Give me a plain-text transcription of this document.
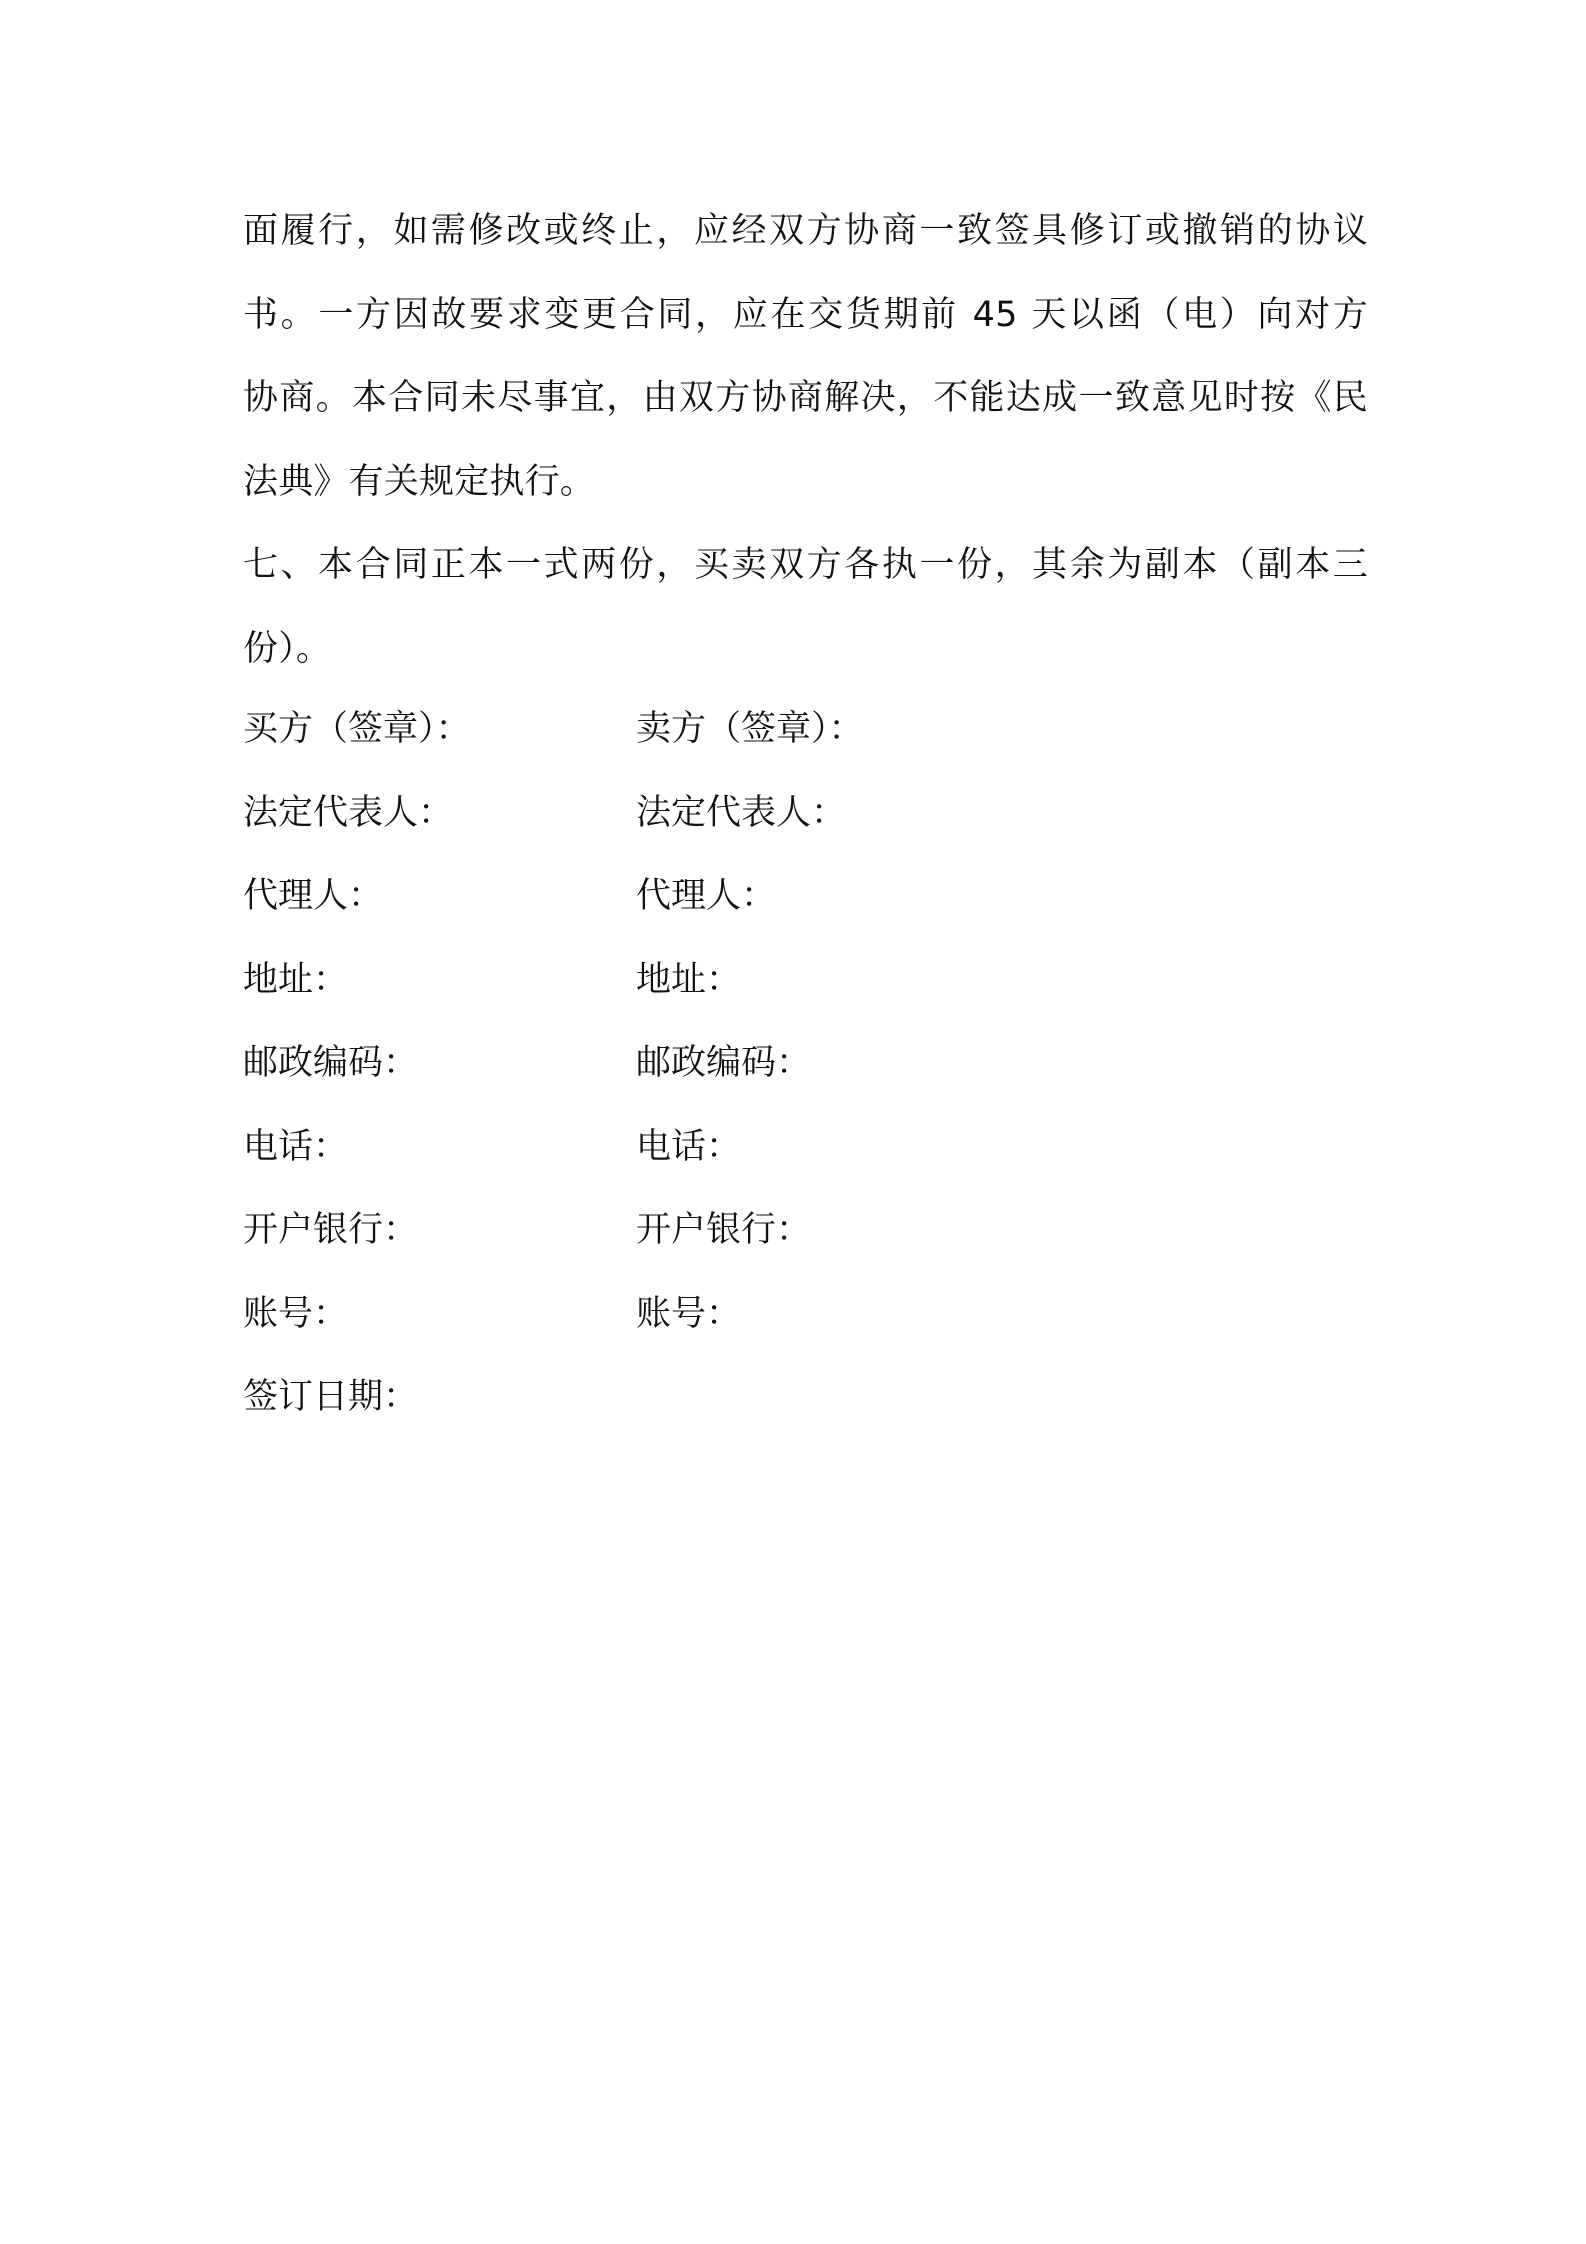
面履行，如需修改或终止，应经双方协商一致签具修订或撤销的协议
书。一方因故要求变更合同，应在交货期前 45 天以函（电）向对方
协商。本合同未尽事宜，由双方协商解决，不能达成一致意见时按《民
法典》有关规定执行。

七、本合同正本一式两份，买卖双方各执一份，其余为副本（副本三
份）。

买方（签章）：	卖方（签章）：
法定代表人：	法定代表人：
代理人：	代理人：
地址：	地址：
邮政编码：	邮政编码：
电话：	电话：
开户银行：	开户银行：
账号：	账号：
签订日期：
